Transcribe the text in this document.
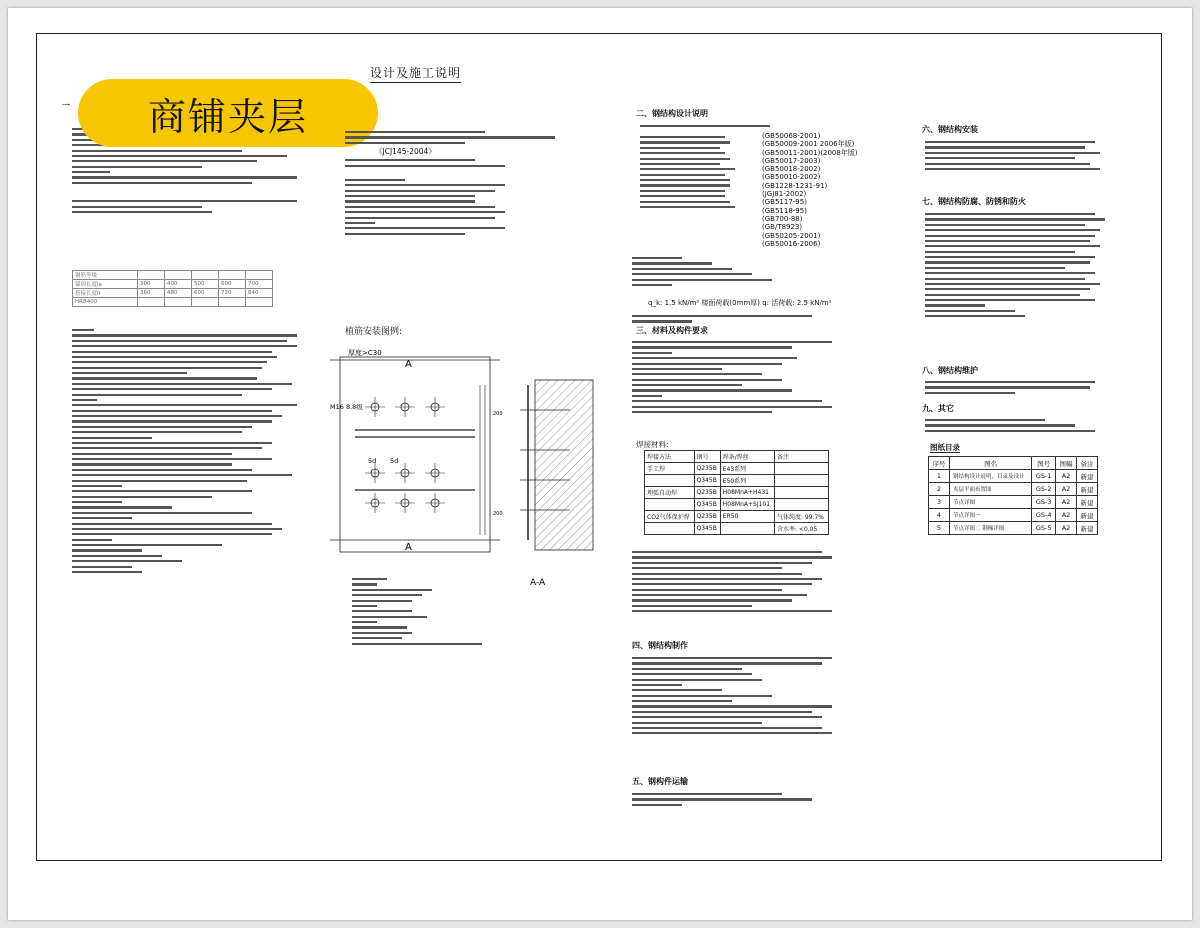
设计及施工说明
一
钢筋等级					
锚固长度la	300	400	500	600	700
搭接长度ll	360	480	600	720	840
HRB400					
商铺夹层
《JCJ145-2004》
植筋安装图例:
A
A
厚度>C30
M16 8.8级
5d 5d
200
200
二、钢结构设计说明
(GB50068-2001)
(GB50009-2001 2006年版)
(GB50011-2001)(2008年版)
(GB50017-2003)
(GB50018-2002)
(GB50010-2002)
(GB1228-1231-91)
(JGJ81-2002)
(GB5117-95)
(GB5118-95)
(GB700-88)
(GB/T8923)
(GB50205-2001)
(GB50016-2006)
q_k: 1.5 kN/m² 楼面荷载(0mm厚) q: 活荷载: 2.5 kN/m²
三、材料及构件要求
焊接材料:
焊接方法	钢号	焊条/焊丝	备注
手工焊	Q235B	E43系列	
	Q345B	E50系列	
埋弧自动焊	Q235B	H08MnA+H431	
	Q345B	H08MnA+SJ101	
CO2气体保护焊	Q235B	ER50	气体纯度: 99.7%
	Q345B		含水率: <0.05
四、钢结构制作
五、钢构件运输
A-A
六、钢结构安装
七、钢结构防腐、防锈和防火
八、钢结构维护
九、其它
图纸目录
序号	图名	图号	图幅	备注
1	钢结构设计说明、目录及设计	GS-1	A2	新建
2	夹层平面布置图	GS-2	A2	新建
3	节点详图	GS-3	A2	新建
4	节点详图一	GS-4	A2	新建
5	节点详图二 钢梯详图	GS-5	A2	新建
